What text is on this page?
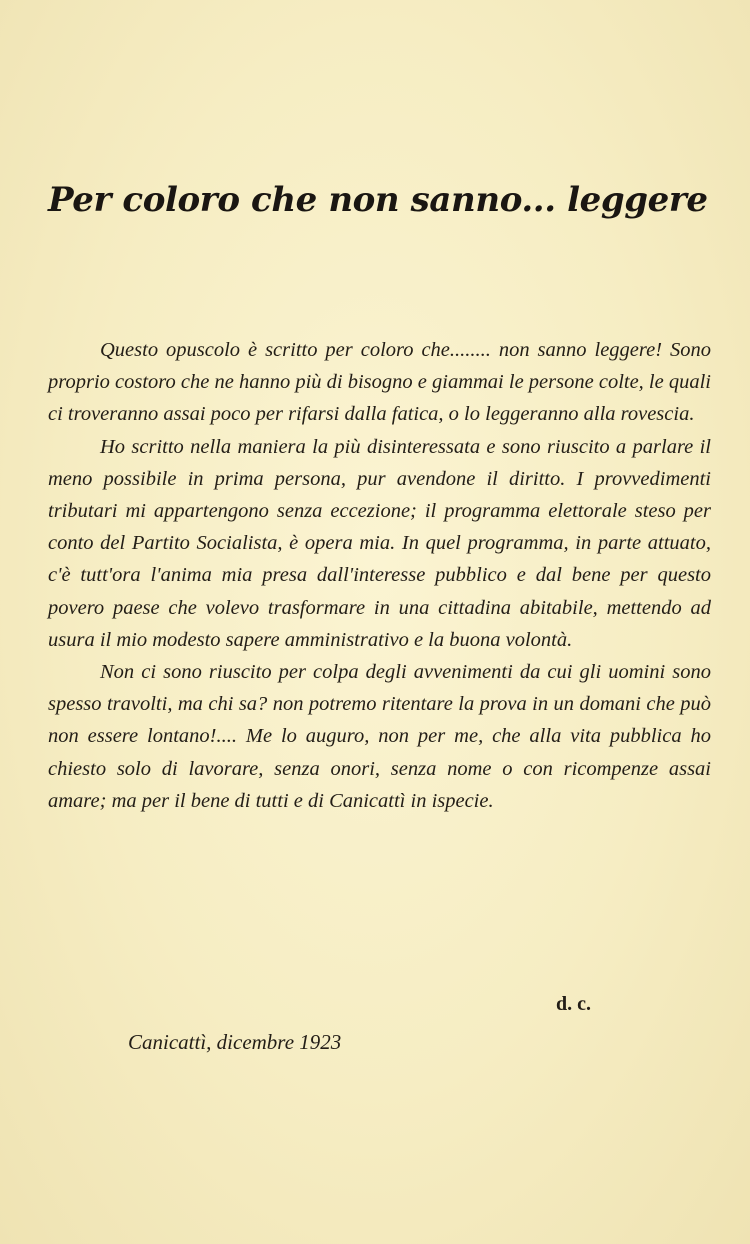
Per coloro che non sanno... leggere

Questo opuscolo è scritto per coloro che........ non sanno leggere! Sono proprio costoro che ne hanno più di bisogno e giammai le persone colte, le quali ci troveranno assai poco per rifarsi dalla fatica, o lo leggeranno alla rovescia.

Ho scritto nella maniera la più disinteressata e sono riuscito a parlare il meno possibile in prima persona, pur avendone il diritto. I provvedimenti tributari mi appartengono senza eccezione; il programma elettorale steso per conto del Partito Socialista, è opera mia. In quel programma, in parte attuato, c'è tutt'ora l'anima mia presa dall'interesse pubblico e dal bene per questo povero paese che volevo trasformare in una cittadina abitabile, mettendo ad usura il mio modesto sapere amministrativo e la buona volontà.

Non ci sono riuscito per colpa degli avvenimenti da cui gli uomini sono spesso travolti, ma chi sa? non potremo ritentare la prova in un domani che può non essere lontano!.... Me lo auguro, non per me, che alla vita pubblica ho chiesto solo di lavorare, senza onori, senza nome o con ricompenze assai amare; ma per il bene di tutti e di Canicattì in ispecie.

d. c.

Canicattì, dicembre 1923
